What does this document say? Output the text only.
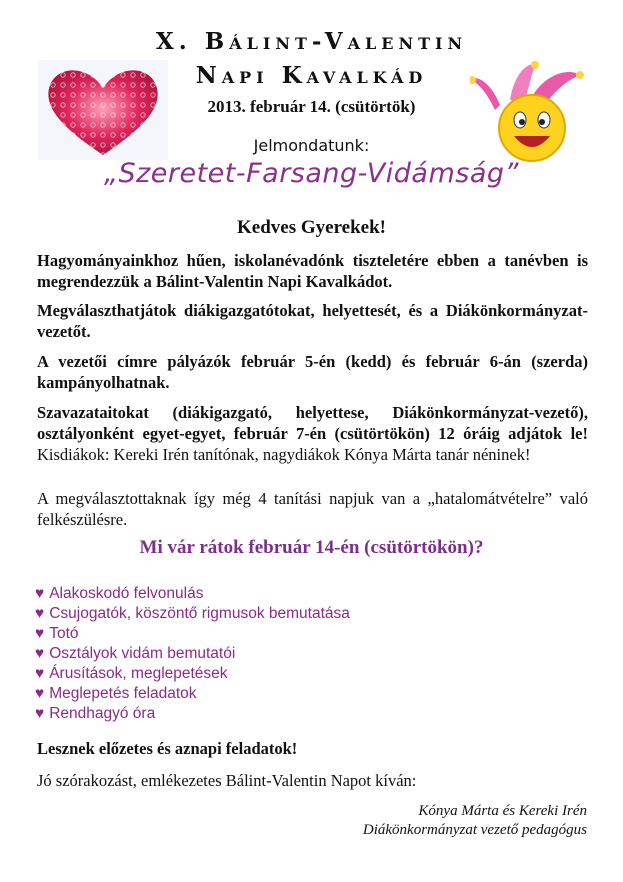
X. Bálint-Valentin
Napi Kavalkád
2013. február 14. (csütörtök)
Jelmondatunk:
„Szeretet-Farsang-Vidámság”
Kedves Gyerekek!
Hagyományainkhoz hűen, iskolanévadónk tiszteletére ebben a tanévben is megrendezzük a Bálint-Valentin Napi Kavalkádot.
Megválaszthatjátok diákigazgatótokat, helyettesét, és a Diákönkormányzat-vezetőt.
A vezetői címre pályázók február 5-én (kedd) és február 6-án (szerda) kampányolhatnak.
Szavazataitokat (diákigazgató, helyettese, Diákönkormányzat-vezető), osztályonként egyet-egyet, február 7-én (csütörtökön) 12 óráig adjátok le! Kisdiákok: Kereki Irén tanítónak, nagydiákok Kónya Márta tanár néninek!
A megválasztottaknak így még 4 tanítási napjuk van a „hatalomátvételre” való felkészülésre.
Mi vár rátok február 14-én (csütörtökön)?
♥ Alakoskodó felvonulás
♥ Csujogatók, köszöntő rigmusok bemutatása
♥ Totó
♥ Osztályok vidám bemutatói
♥ Árusítások, meglepetések
♥ Meglepetés feladatok
♥ Rendhagyó óra
Lesznek előzetes és aznapi feladatok!
Jó szórakozást, emlékezetes Bálint-Valentin Napot kíván:
Kónya Márta és Kereki Irén
Diákönkormányzat vezető pedagógus
